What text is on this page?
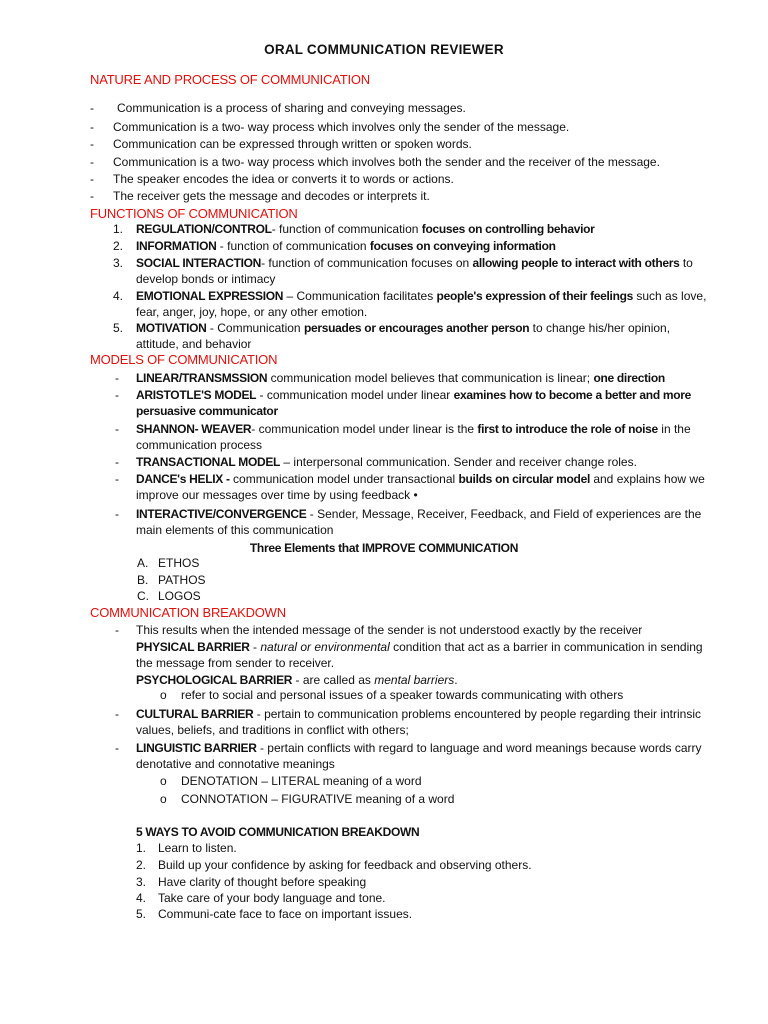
ORAL COMMUNICATION REVIEWER
NATURE AND PROCESS OF COMMUNICATION
- Communication is a process of sharing and conveying messages.
- Communication is a two- way process which involves only the sender of the message.
- Communication can be expressed through written or spoken words.
- Communication is a two- way process which involves both the sender and the receiver of the message.
- The speaker encodes the idea or converts it to words or actions.
- The receiver gets the message and decodes or interprets it.
FUNCTIONS OF COMMUNICATION
1. REGULATION/CONTROL- function of communication focuses on controlling behavior
2. INFORMATION - function of communication focuses on conveying information
3. SOCIAL INTERACTION- function of communication focuses on allowing people to interact with others to
develop bonds or intimacy
4. EMOTIONAL EXPRESSION – Communication facilitates people's expression of their feelings such as love,
fear, anger, joy, hope, or any other emotion.
5. MOTIVATION - Communication persuades or encourages another person to change his/her opinion,
attitude, and behavior
MODELS OF COMMUNICATION
- LINEAR/TRANSMSSION communication model believes that communication is linear; one direction
- ARISTOTLE'S MODEL - communication model under linear examines how to become a better and more
persuasive communicator
- SHANNON- WEAVER- communication model under linear is the first to introduce the role of noise in the
communication process
- TRANSACTIONAL MODEL – interpersonal communication. Sender and receiver change roles.
- DANCE's HELIX - communication model under transactional builds on circular model and explains how we
improve our messages over time by using feedback •
- INTERACTIVE/CONVERGENCE - Sender, Message, Receiver, Feedback, and Field of experiences are the
main elements of this communication
Three Elements that IMPROVE COMMUNICATION
A. ETHOS
B. PATHOS
C. LOGOS
COMMUNICATION BREAKDOWN
- This results when the intended message of the sender is not understood exactly by the receiver
PHYSICAL BARRIER - natural or environmental condition that act as a barrier in communication in sending
the message from sender to receiver.
PSYCHOLOGICAL BARRIER - are called as mental barriers.
o refer to social and personal issues of a speaker towards communicating with others
- CULTURAL BARRIER - pertain to communication problems encountered by people regarding their intrinsic
values, beliefs, and traditions in conflict with others;
- LINGUISTIC BARRIER - pertain conflicts with regard to language and word meanings because words carry
denotative and connotative meanings
o DENOTATION – LITERAL meaning of a word
o CONNOTATION – FIGURATIVE meaning of a word
5 WAYS TO AVOID COMMUNICATION BREAKDOWN
1. Learn to listen.
2. Build up your confidence by asking for feedback and observing others.
3. Have clarity of thought before speaking
4. Take care of your body language and tone.
5. Communi-cate face to face on important issues.
